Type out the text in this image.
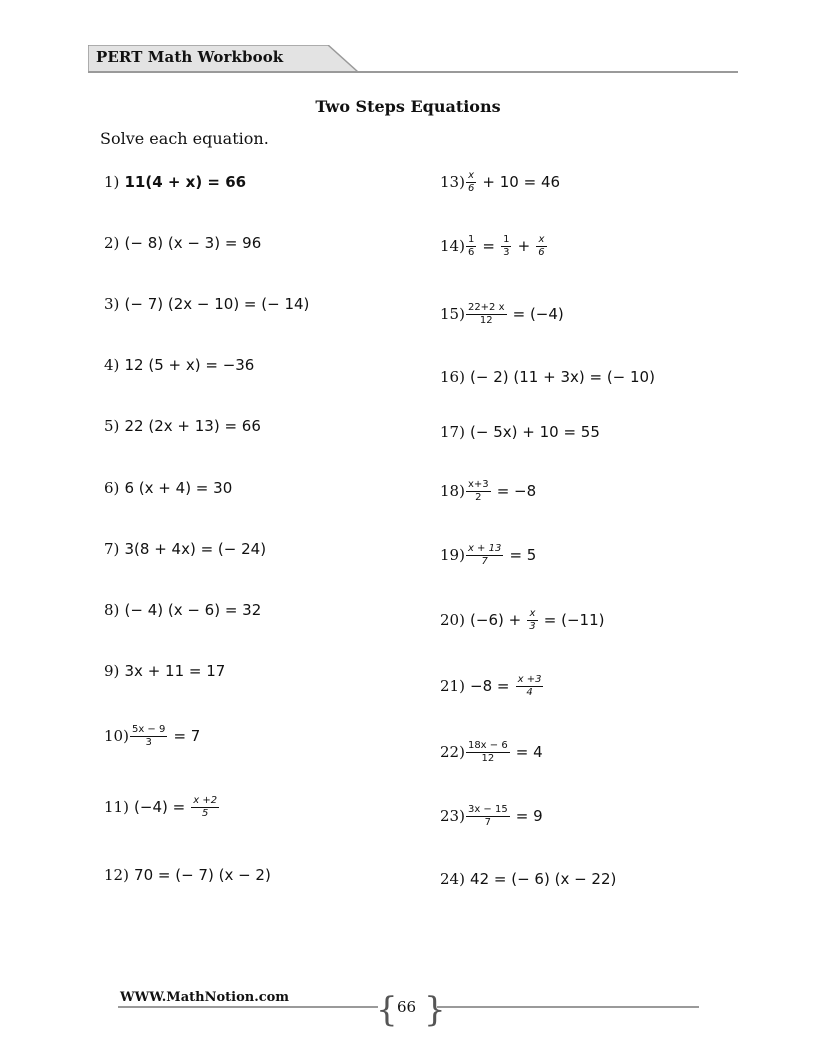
PERT Math Workbook
Two Steps Equations
Solve each equation.
1) 11(4 + x) = 66
2) (− 8) (x − 3) = 96
3) (− 7) (2x − 10) = (− 14)
4) 12 (5 + x) = −36
5) 22 (2x + 13) = 66
6) 6 (x + 4) = 30
7) 3(8 + 4x) = (− 24)
8) (− 4) (x − 6) = 32
9) 3x + 11 = 17
$10) \frac{5x - 9}{3} = 7$
11) $(-4) = \frac{x +2}{5}$
12) 70 = (− 7) (x − 2)
$13) \frac{x}{6} + 10 = 46$
$14) \frac{1}{6} = \frac{1}{3} + \frac{x}{6}$
$15) \frac{22+2 x}{12} = (-4)$
16) (− 2) (11 + 3x) = (− 10)
17) (− 5x) + 10 = 55
$18) \frac{x+3}{2} = -8$
$19) \frac{x + 13}{7} = 5$
20) $(-6) + \frac{x}{3} = (-11)$
$21) -8 = \frac{x +3}{4}$
$22) \frac{18x - 6}{12} = 4$
$23) \frac{3x - 15}{7} = 9$
24) 42 = (− 6) (x − 22)
WWW.MathNotion.com	{ 66 }
